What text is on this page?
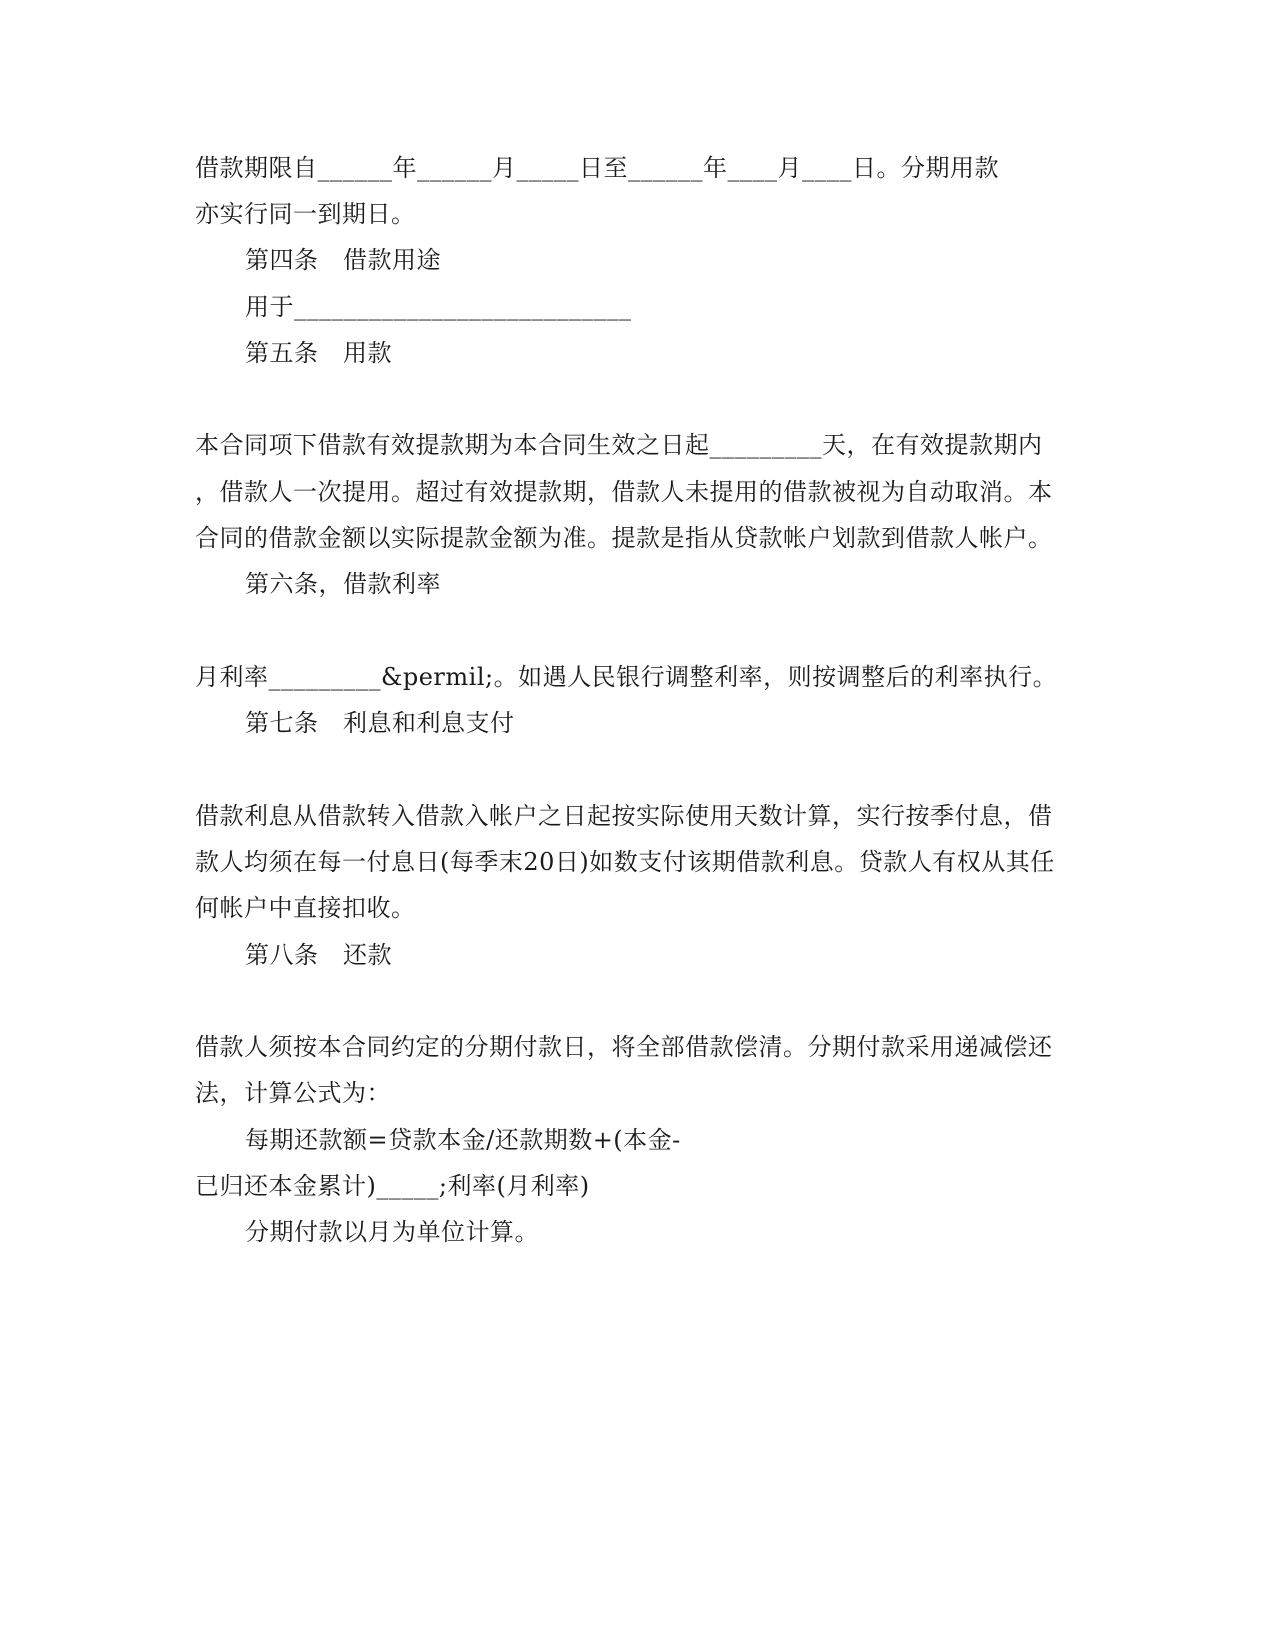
借款期限自______年______月_____日至______年____月____日。分期用款
亦实行同一到期日。
第四条　借款用途
用于___________________________
第五条　用款
本合同项下借款有效提款期为本合同生效之日起_________天，在有效提款期内
，借款人一次提用。超过有效提款期，借款人未提用的借款被视为自动取消。本
合同的借款金额以实际提款金额为准。提款是指从贷款帐户划款到借款人帐户。
第六条，借款利率
月利率_________&permil;。如遇人民银行调整利率，则按调整后的利率执行。
第七条　利息和利息支付
借款利息从借款转入借款入帐户之日起按实际使用天数计算，实行按季付息，借
款人均须在每一付息日(每季末20日)如数支付该期借款利息。贷款人有权从其任
何帐户中直接扣收。
第八条　还款
借款人须按本合同约定的分期付款日，将全部借款偿清。分期付款采用递减偿还
法，计算公式为：
每期还款额=贷款本金/还款期数+(本金-
已归还本金累计)_____;利率(月利率)
分期付款以月为单位计算。
